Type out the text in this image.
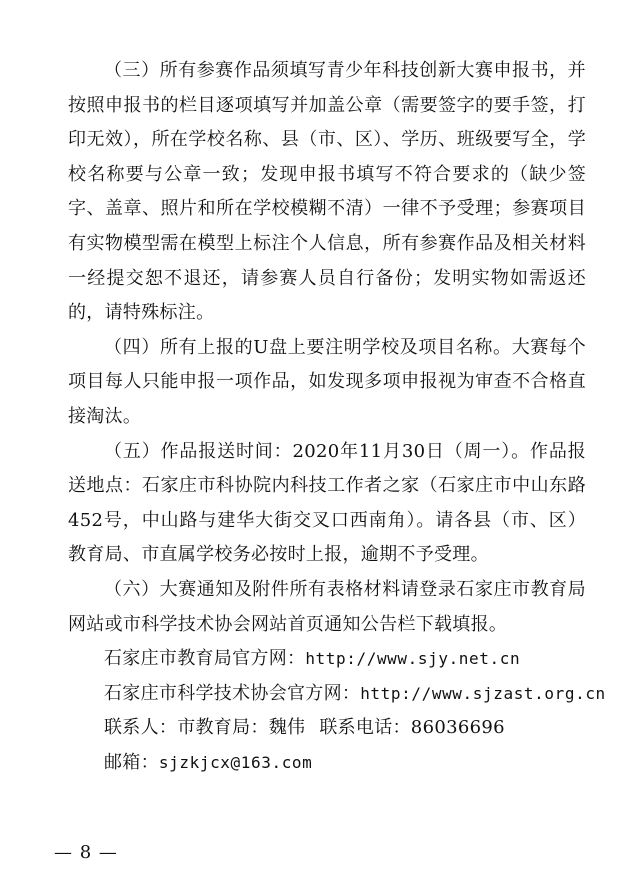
（三）所有参赛作品须填写青少年科技创新大赛申报书，并按照申报书的栏目逐项填写并加盖公章（需要签字的要手签，打印无效），所在学校名称、县（市、区）、学历、班级要写全，学校名称要与公章一致；发现申报书填写不符合要求的（缺少签字、盖章、照片和所在学校模糊不清）一律不予受理；参赛项目有实物模型需在模型上标注个人信息，所有参赛作品及相关材料一经提交恕不退还，请参赛人员自行备份；发明实物如需返还的，请特殊标注。

（四）所有上报的U盘上要注明学校及项目名称。大赛每个项目每人只能申报一项作品，如发现多项申报视为审查不合格直接淘汰。

（五）作品报送时间：2020年11月30日（周一）。作品报送地点：石家庄市科协院内科技工作者之家（石家庄市中山东路452号，中山路与建华大街交叉口西南角）。请各县（市、区）教育局、市直属学校务必按时上报，逾期不予受理。

（六）大赛通知及附件所有表格材料请登录石家庄市教育局网站或市科学技术协会网站首页通知公告栏下载填报。

石家庄市教育局官方网：http://www.sjy.net.cn

石家庄市科学技术协会官方网：http://www.sjzast.org.cn

联系人：市教育局：魏伟 联系电话：86036696

邮箱：sjzkjcx@163.com

— 8 —
